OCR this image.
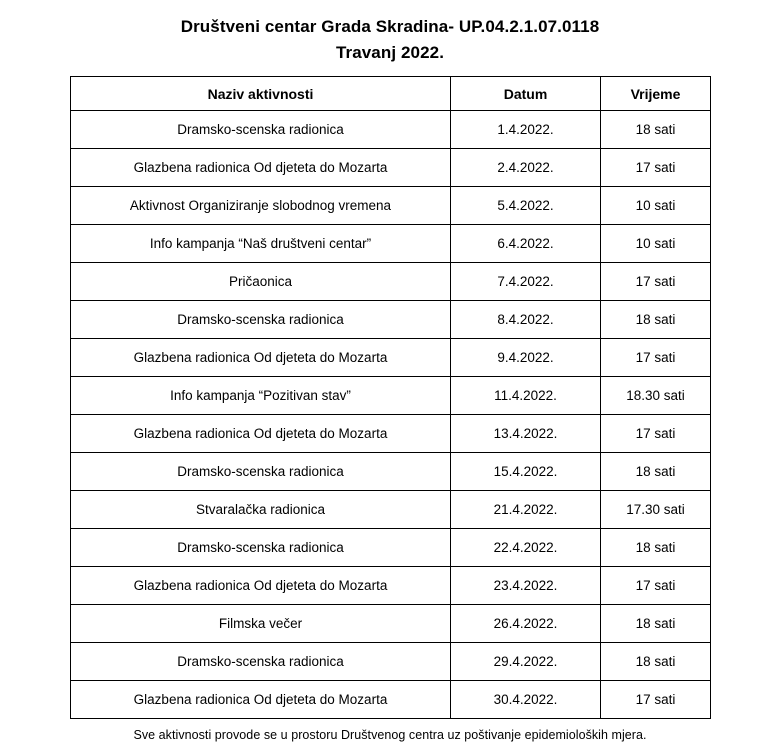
Društveni centar Grada Skradina- UP.04.2.1.07.0118
Travanj 2022.
Naziv aktivnosti	Datum	Vrijeme
Dramsko-scenska radionica	1.4.2022.	18 sati
Glazbena radionica Od djeteta do Mozarta	2.4.2022.	17 sati
Aktivnost Organiziranje slobodnog vremena	5.4.2022.	10 sati
Info kampanja “Naš društveni centar”	6.4.2022.	10 sati
Pričaonica	7.4.2022.	17 sati
Dramsko-scenska radionica	8.4.2022.	18 sati
Glazbena radionica Od djeteta do Mozarta	9.4.2022.	17 sati
Info kampanja “Pozitivan stav”	11.4.2022.	18.30 sati
Glazbena radionica Od djeteta do Mozarta	13.4.2022.	17 sati
Dramsko-scenska radionica	15.4.2022.	18 sati
Stvaralačka radionica	21.4.2022.	17.30 sati
Dramsko-scenska radionica	22.4.2022.	18 sati
Glazbena radionica Od djeteta do Mozarta	23.4.2022.	17 sati
Filmska večer	26.4.2022.	18 sati
Dramsko-scenska radionica	29.4.2022.	18 sati
Glazbena radionica Od djeteta do Mozarta	30.4.2022.	17 sati
Sve aktivnosti provode se u prostoru Društvenog centra uz poštivanje epidemioloških mjera.
